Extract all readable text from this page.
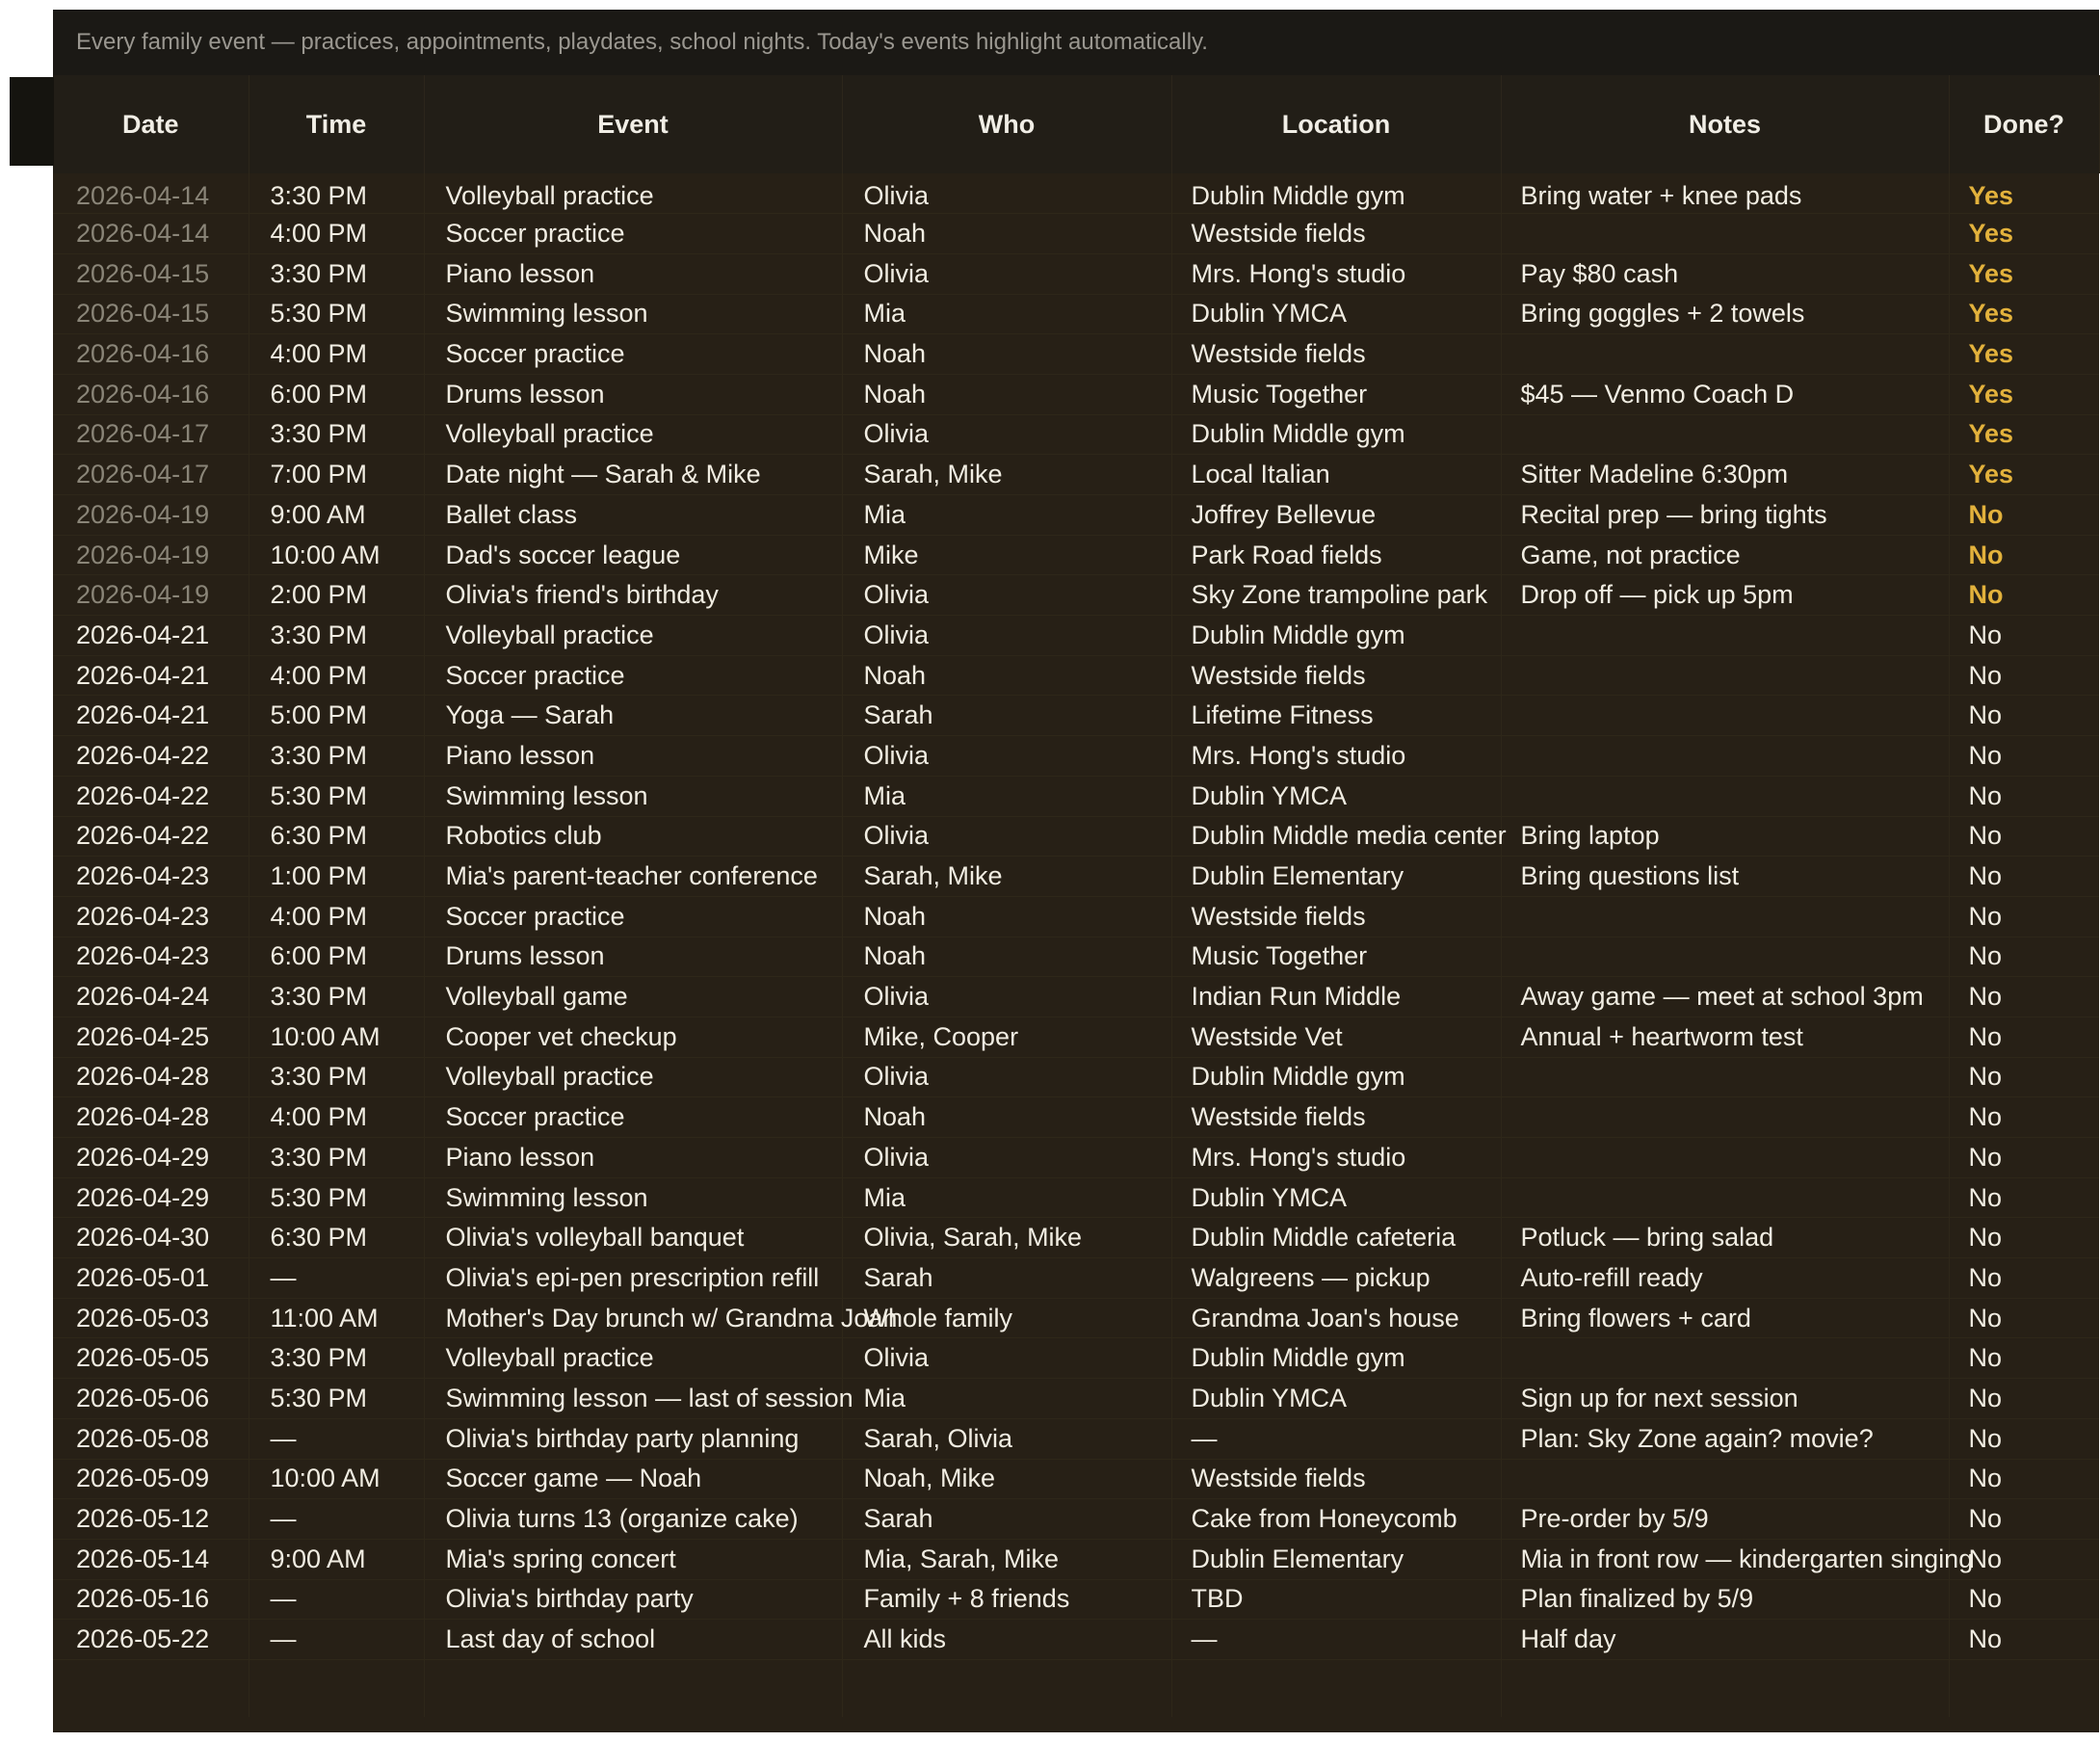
Every family event — practices, appointments, playdates, school nights. Today's events highlight automatically.
Date	Time	Event	Who	Location	Notes	Done?
2026-04-14	3:30 PM	Volleyball practice	Olivia	Dublin Middle gym	Bring water + knee pads	Yes
2026-04-14	4:00 PM	Soccer practice	Noah	Westside fields		Yes
2026-04-15	3:30 PM	Piano lesson	Olivia	Mrs. Hong's studio	Pay $80 cash	Yes
2026-04-15	5:30 PM	Swimming lesson	Mia	Dublin YMCA	Bring goggles + 2 towels	Yes
2026-04-16	4:00 PM	Soccer practice	Noah	Westside fields		Yes
2026-04-16	6:00 PM	Drums lesson	Noah	Music Together	$45 — Venmo Coach D	Yes
2026-04-17	3:30 PM	Volleyball practice	Olivia	Dublin Middle gym		Yes
2026-04-17	7:00 PM	Date night — Sarah & Mike	Sarah, Mike	Local Italian	Sitter Madeline 6:30pm	Yes
2026-04-19	9:00 AM	Ballet class	Mia	Joffrey Bellevue	Recital prep — bring tights	No
2026-04-19	10:00 AM	Dad's soccer league	Mike	Park Road fields	Game, not practice	No
2026-04-19	2:00 PM	Olivia's friend's birthday	Olivia	Sky Zone trampoline park	Drop off — pick up 5pm	No
2026-04-21	3:30 PM	Volleyball practice	Olivia	Dublin Middle gym		No
2026-04-21	4:00 PM	Soccer practice	Noah	Westside fields		No
2026-04-21	5:00 PM	Yoga — Sarah	Sarah	Lifetime Fitness		No
2026-04-22	3:30 PM	Piano lesson	Olivia	Mrs. Hong's studio		No
2026-04-22	5:30 PM	Swimming lesson	Mia	Dublin YMCA		No
2026-04-22	6:30 PM	Robotics club	Olivia	Dublin Middle media center	Bring laptop	No
2026-04-23	1:00 PM	Mia's parent-teacher conference	Sarah, Mike	Dublin Elementary	Bring questions list	No
2026-04-23	4:00 PM	Soccer practice	Noah	Westside fields		No
2026-04-23	6:00 PM	Drums lesson	Noah	Music Together		No
2026-04-24	3:30 PM	Volleyball game	Olivia	Indian Run Middle	Away game — meet at school 3pm	No
2026-04-25	10:00 AM	Cooper vet checkup	Mike, Cooper	Westside Vet	Annual + heartworm test	No
2026-04-28	3:30 PM	Volleyball practice	Olivia	Dublin Middle gym		No
2026-04-28	4:00 PM	Soccer practice	Noah	Westside fields		No
2026-04-29	3:30 PM	Piano lesson	Olivia	Mrs. Hong's studio		No
2026-04-29	5:30 PM	Swimming lesson	Mia	Dublin YMCA		No
2026-04-30	6:30 PM	Olivia's volleyball banquet	Olivia, Sarah, Mike	Dublin Middle cafeteria	Potluck — bring salad	No
2026-05-01	—	Olivia's epi-pen prescription refill	Sarah	Walgreens — pickup	Auto-refill ready	No
2026-05-03	11:00 AM	Mother's Day brunch w/ Grandma Joan	Whole family	Grandma Joan's house	Bring flowers + card	No
2026-05-05	3:30 PM	Volleyball practice	Olivia	Dublin Middle gym		No
2026-05-06	5:30 PM	Swimming lesson — last of session	Mia	Dublin YMCA	Sign up for next session	No
2026-05-08	—	Olivia's birthday party planning	Sarah, Olivia	—	Plan: Sky Zone again? movie?	No
2026-05-09	10:00 AM	Soccer game — Noah	Noah, Mike	Westside fields		No
2026-05-12	—	Olivia turns 13 (organize cake)	Sarah	Cake from Honeycomb	Pre-order by 5/9	No
2026-05-14	9:00 AM	Mia's spring concert	Mia, Sarah, Mike	Dublin Elementary	Mia in front row — kindergarten singing	No
2026-05-16	—	Olivia's birthday party	Family + 8 friends	TBD	Plan finalized by 5/9	No
2026-05-22	—	Last day of school	All kids	—	Half day	No
